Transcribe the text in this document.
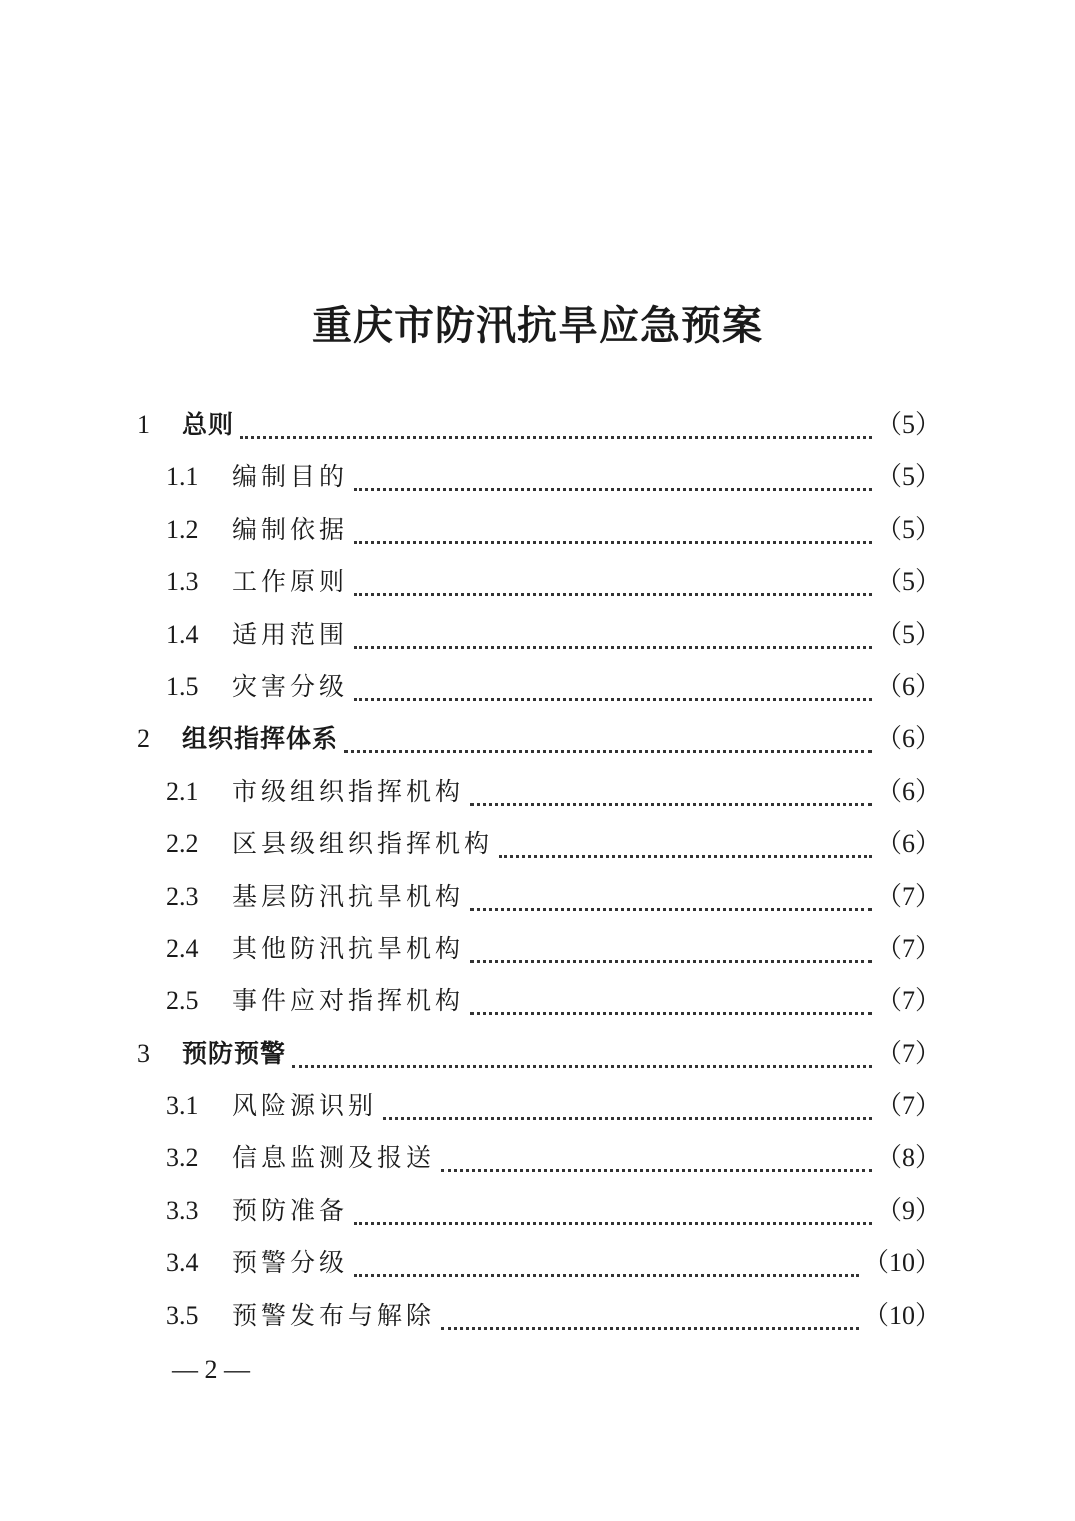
重庆市防汛抗旱应急预案
1 总则	（5）
1.1 编制目的	（5）
1.2 编制依据	（5）
1.3 工作原则	（5）
1.4 适用范围	（5）
1.5 灾害分级	（6）
2 组织指挥体系	（6）
2.1 市级组织指挥机构	（6）
2.2 区县级组织指挥机构	（6）
2.3 基层防汛抗旱机构	（7）
2.4 其他防汛抗旱机构	（7）
2.5 事件应对指挥机构	（7）
3 预防预警	（7）
3.1 风险源识别	（7）
3.2 信息监测及报送	（8）
3.3 预防准备	（9）
3.4 预警分级	（10）
3.5 预警发布与解除	（10）
— 2 —
